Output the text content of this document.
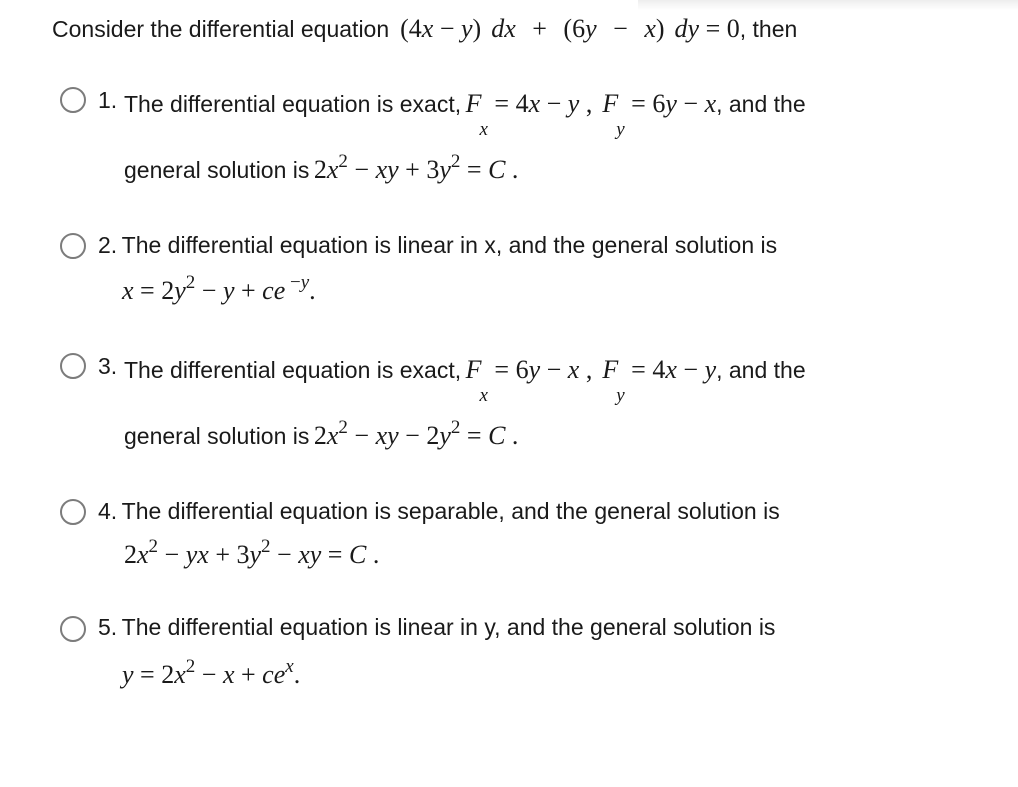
Consider the differential equation  (4x − y) dx + (6y − x) dy = 0, then
1. The differential equation is exact, $F_x = 4x - y$ , $F_y = 6y - x$, and the
general solution is $2x^2$ − xy + $3y^2 = C$ .
2. The differential equation is linear in x, and the general solution is
$x = 2y^2 - y$ + ce $^{-y}$.
3. The differential equation is exact, $F_x = 6y - x$ , $F_y = 4x - y$, and the
general solution is $2x^2$ − xy − $2y^2 = C$ .
4. The differential equation is separable, and the general solution is
$2x^2$ − yx + $3y^2$ − xy = C .
5. The differential equation is linear in y, and the general solution is
$y = 2x^2 - x + ce^x$.
